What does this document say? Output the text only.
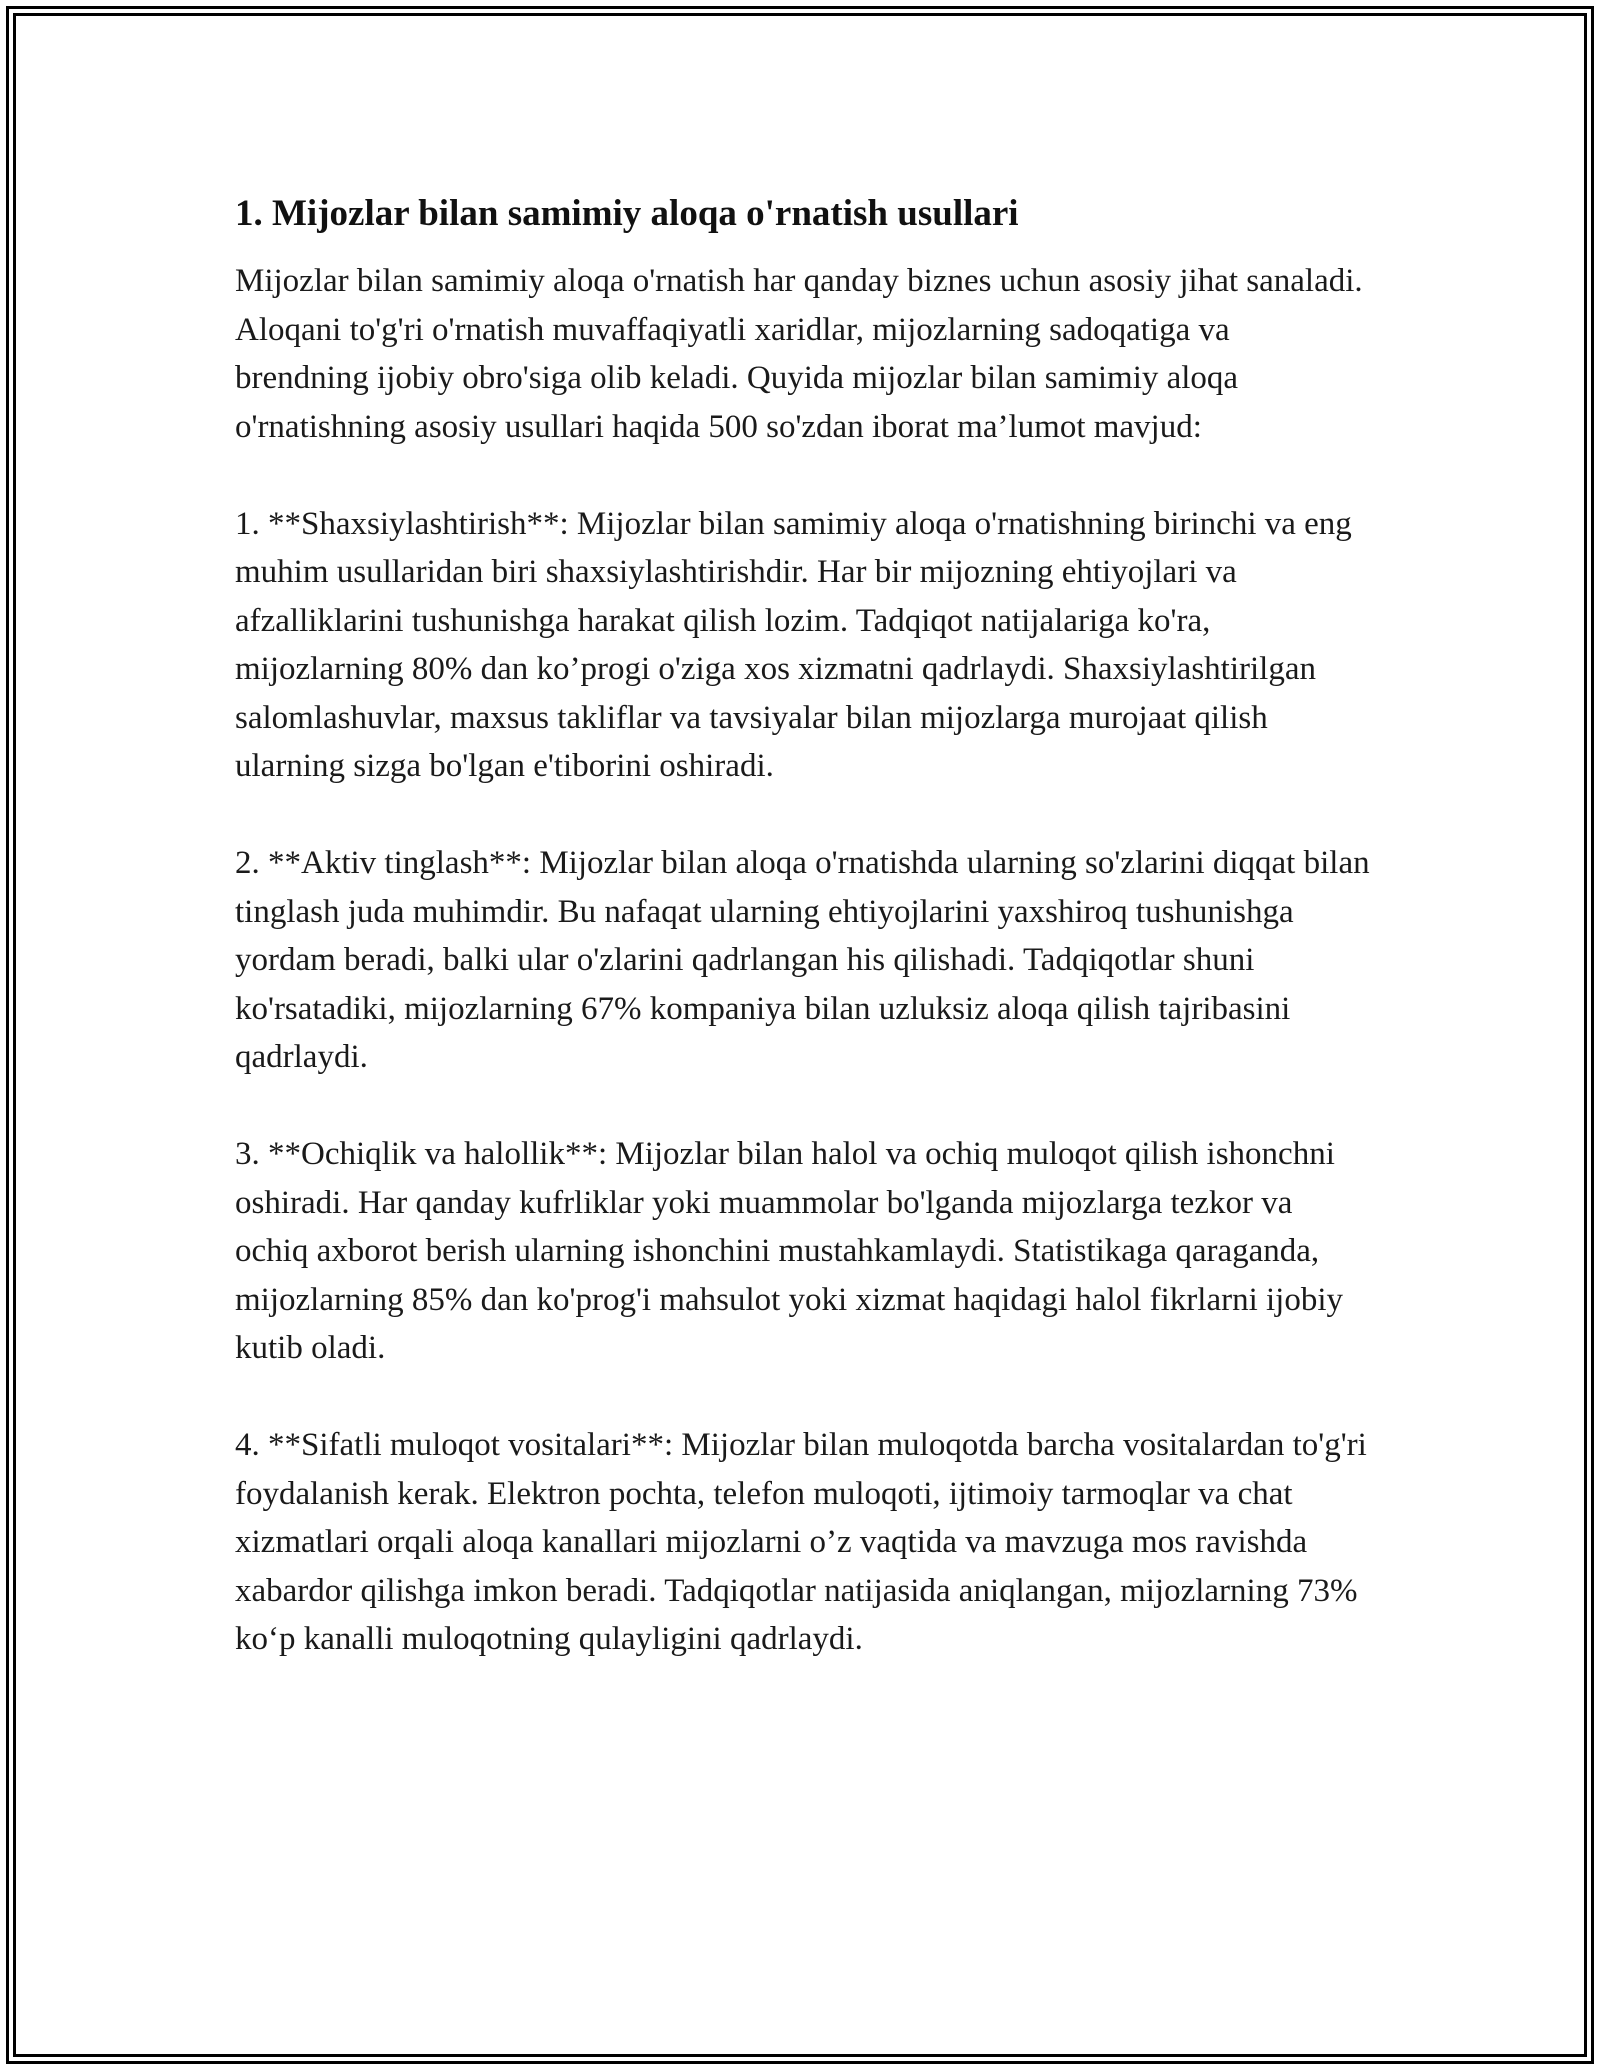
1. Mijozlar bilan samimiy aloqa o'rnatish usullari

Mijozlar bilan samimiy aloqa o'rnatish har qanday biznes uchun asosiy jihat sanaladi. Aloqani to'g'ri o'rnatish muvaffaqiyatli xaridlar, mijozlarning sadoqatiga va brendning ijobiy obro'siga olib keladi. Quyida mijozlar bilan samimiy aloqa o'rnatishning asosiy usullari haqida 500 so'zdan iborat ma’lumot mavjud:

1. **Shaxsiylashtirish**: Mijozlar bilan samimiy aloqa o'rnatishning birinchi va eng muhim usullaridan biri shaxsiylashtirishdir. Har bir mijozning ehtiyojlari va afzalliklarini tushunishga harakat qilish lozim. Tadqiqot natijalariga ko'ra, mijozlarning 80% dan ko’progi o'ziga xos xizmatni qadrlaydi. Shaxsiylashtirilgan salomlashuvlar, maxsus takliflar va tavsiyalar bilan mijozlarga murojaat qilish ularning sizga bo'lgan e'tiborini oshiradi.

2. **Aktiv tinglash**: Mijozlar bilan aloqa o'rnatishda ularning so'zlarini diqqat bilan tinglash juda muhimdir. Bu nafaqat ularning ehtiyojlarini yaxshiroq tushunishga yordam beradi, balki ular o'zlarini qadrlangan his qilishadi. Tadqiqotlar shuni ko'rsatadiki, mijozlarning 67% kompaniya bilan uzluksiz aloqa qilish tajribasini qadrlaydi.

3. **Ochiqlik va halollik**: Mijozlar bilan halol va ochiq muloqot qilish ishonchni oshiradi. Har qanday kufrliklar yoki muammolar bo'lganda mijozlarga tezkor va ochiq axborot berish ularning ishonchini mustahkamlaydi. Statistikaga qaraganda, mijozlarning 85% dan ko'prog'i mahsulot yoki xizmat haqidagi halol fikrlarni ijobiy kutib oladi.

4. **Sifatli muloqot vositalari**: Mijozlar bilan muloqotda barcha vositalardan to'g'ri foydalanish kerak. Elektron pochta, telefon muloqoti, ijtimoiy tarmoqlar va chat xizmatlari orqali aloqa kanallari mijozlarni o’z vaqtida va mavzuga mos ravishda xabardor qilishga imkon beradi. Tadqiqotlar natijasida aniqlangan, mijozlarning 73% ko‘p kanalli muloqotning qulayligini qadrlaydi.
